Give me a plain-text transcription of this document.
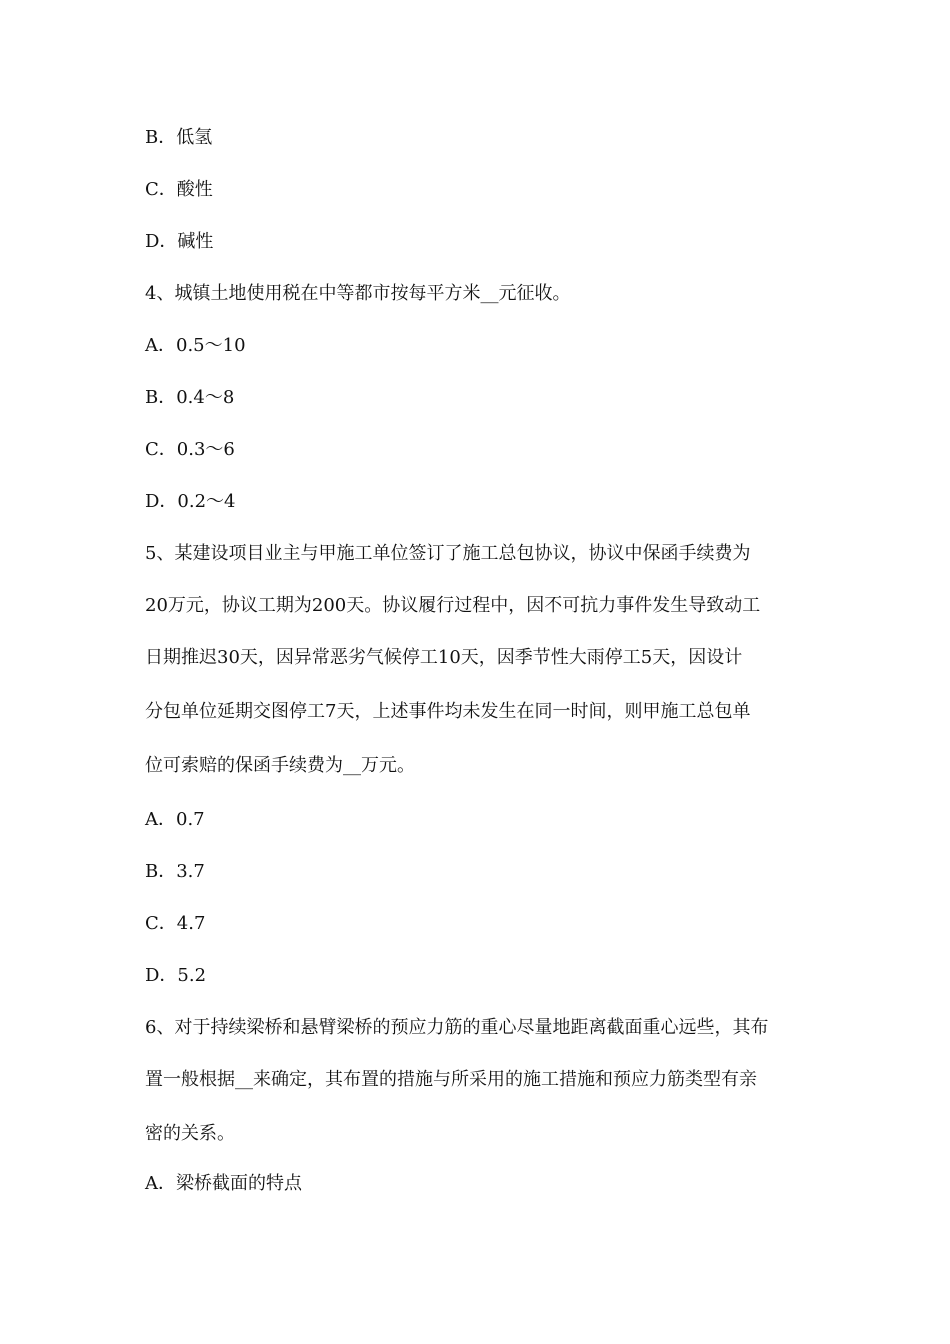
B．低氢
C．酸性
D．碱性
4、城镇土地使用税在中等都市按每平方米__元征收。
A．0.5～10
B．0.4～8
C．0.3～6
D．0.2～4
5、某建设项目业主与甲施工单位签订了施工总包协议，协议中保函手续费为
20万元，协议工期为200天。协议履行过程中，因不可抗力事件发生导致动工
日期推迟30天，因异常恶劣气候停工10天，因季节性大雨停工5天，因设计
分包单位延期交图停工7天，上述事件均未发生在同一时间，则甲施工总包单
位可索赔的保函手续费为__万元。
A．0.7
B．3.7
C．4.7
D．5.2
6、对于持续梁桥和悬臂梁桥的预应力筋的重心尽量地距离截面重心远些，其布
置一般根据__来确定，其布置的措施与所采用的施工措施和预应力筋类型有亲
密的关系。
A．梁桥截面的特点
